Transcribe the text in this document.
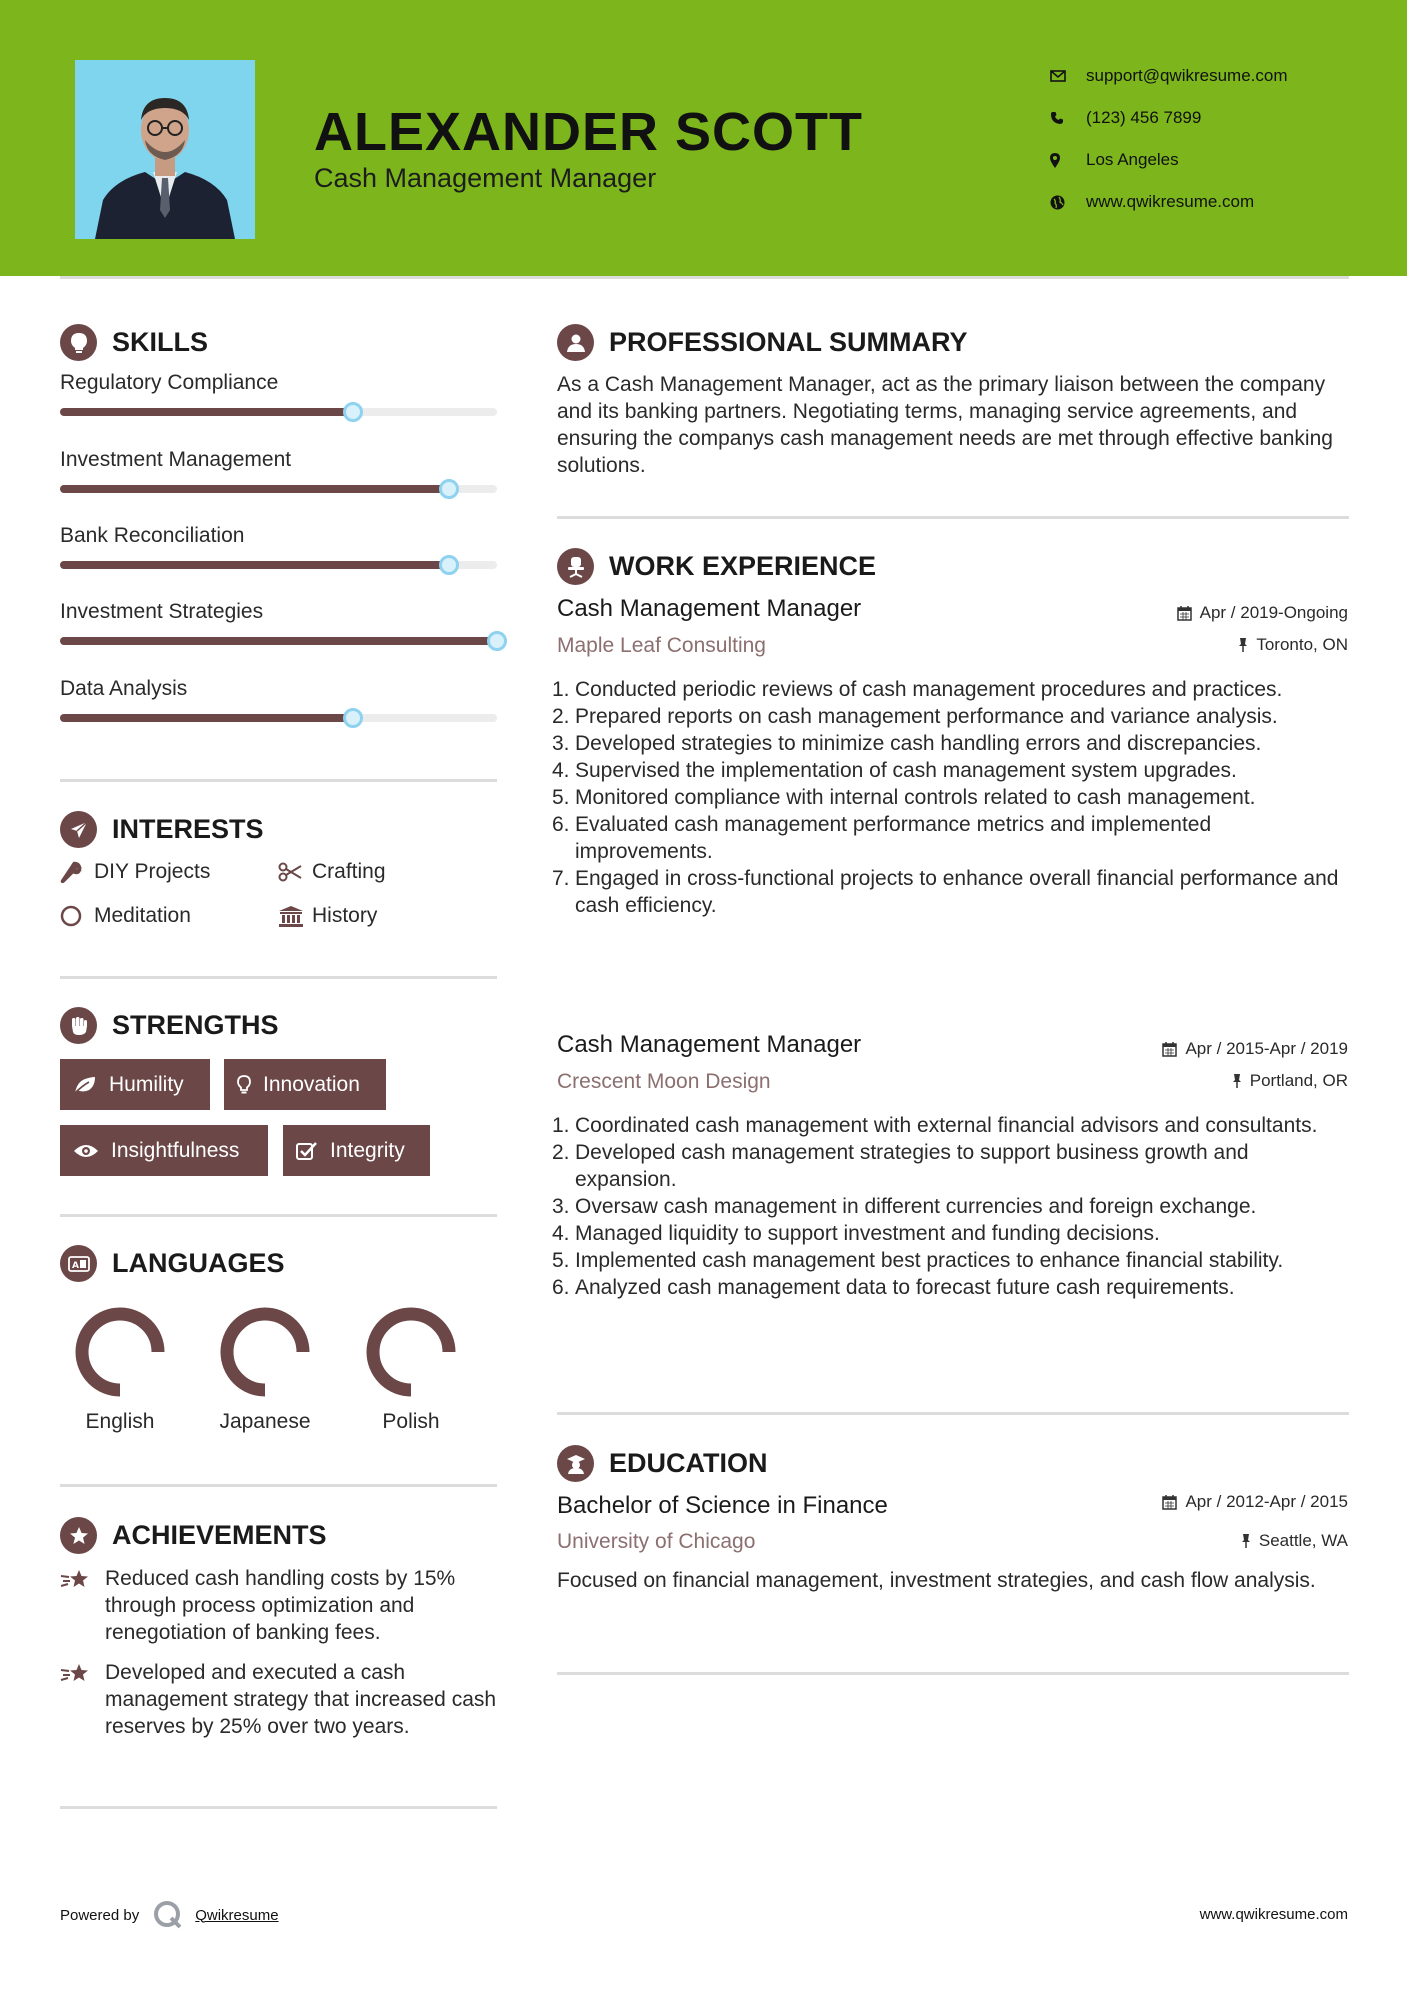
ALEXANDER SCOTT
Cash Management Manager
support@qwikresume.com
(123) 456 7899
Los Angeles
www.qwikresume.com
SKILLS
Regulatory Compliance
Investment Management
Bank Reconciliation
Investment Strategies
Data Analysis
INTERESTS
DIY Projects	Crafting
Meditation	History
STRENGTHS
Humility	Innovation
Insightfulness	Integrity
A LANGUAGES
English	Japanese	Polish
ACHIEVEMENTS
Reduced cash handling costs by 15% through process optimization and renegotiation of banking fees.
Developed and executed a cash management strategy that increased cash reserves by 25% over two years.
PROFESSIONAL SUMMARY
As a Cash Management Manager, act as the primary liaison between the company and its banking partners. Negotiating terms, managing service agreements, and ensuring the companys cash management needs are met through effective banking solutions.
WORK EXPERIENCE
Cash Management Manager	Apr / 2019-Ongoing
Maple Leaf Consulting	Toronto, ON
1. Conducted periodic reviews of cash management procedures and practices.
2. Prepared reports on cash management performance and variance analysis.
3. Developed strategies to minimize cash handling errors and discrepancies.
4. Supervised the implementation of cash management system upgrades.
5. Monitored compliance with internal controls related to cash management.
6. Evaluated cash management performance metrics and implemented improvements.
7. Engaged in cross-functional projects to enhance overall financial performance and cash efficiency.
Cash Management Manager	Apr / 2015-Apr / 2019
Crescent Moon Design	Portland, OR
1. Coordinated cash management with external financial advisors and consultants.
2. Developed cash management strategies to support business growth and expansion.
3. Oversaw cash management in different currencies and foreign exchange.
4. Managed liquidity to support investment and funding decisions.
5. Implemented cash management best practices to enhance financial stability.
6. Analyzed cash management data to forecast future cash requirements.
EDUCATION
Bachelor of Science in Finance	Apr / 2012-Apr / 2015
University of Chicago	Seattle, WA
Focused on financial management, investment strategies, and cash flow analysis.
Powered by	Qwikresume	www.qwikresume.com
